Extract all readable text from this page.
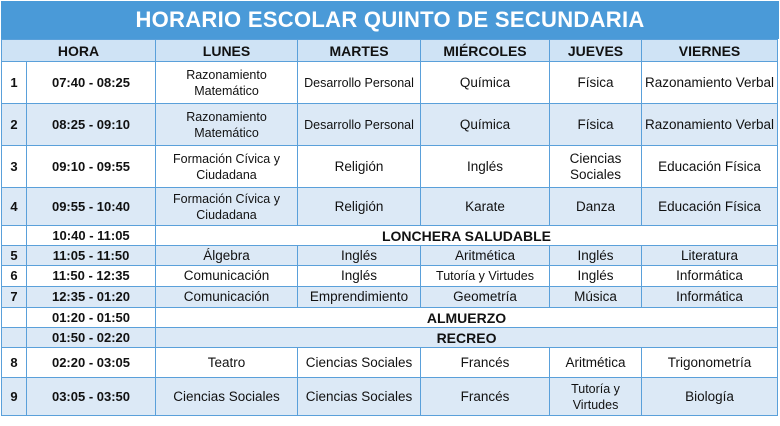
HORARIO ESCOLAR QUINTO DE SECUNDARIA
HORA		LUNES	MARTES	MIÉRCOLES	JUEVES	VIERNES
1	07:40 - 08:25	Razonamiento Matemático	Desarrollo Personal	Química	Física	Razonamiento Verbal
2	08:25 - 09:10	Razonamiento Matemático	Desarrollo Personal	Química	Física	Razonamiento Verbal
3	09:10 - 09:55	Formación Cívica y Ciudadana	Religión	Inglés	Ciencias Sociales	Educación Física
4	09:55 - 10:40	Formación Cívica y Ciudadana	Religión	Karate	Danza	Educación Física
	10:40 - 11:05	LONCHERA SALUDABLE				
5	11:05 - 11:50	Álgebra	Inglés	Aritmética	Inglés	Literatura
6	11:50 - 12:35	Comunicación	Inglés	Tutoría y Virtudes	Inglés	Informática
7	12:35 - 01:20	Comunicación	Emprendimiento	Geometría	Música	Informática
	01:20 - 01:50	ALMUERZO				
	01:50 - 02:20	RECREO				
8	02:20 - 03:05	Teatro	Ciencias Sociales	Francés	Aritmética	Trigonometría
9	03:05 - 03:50	Ciencias Sociales	Ciencias Sociales	Francés	Tutoría y Virtudes	Biología
